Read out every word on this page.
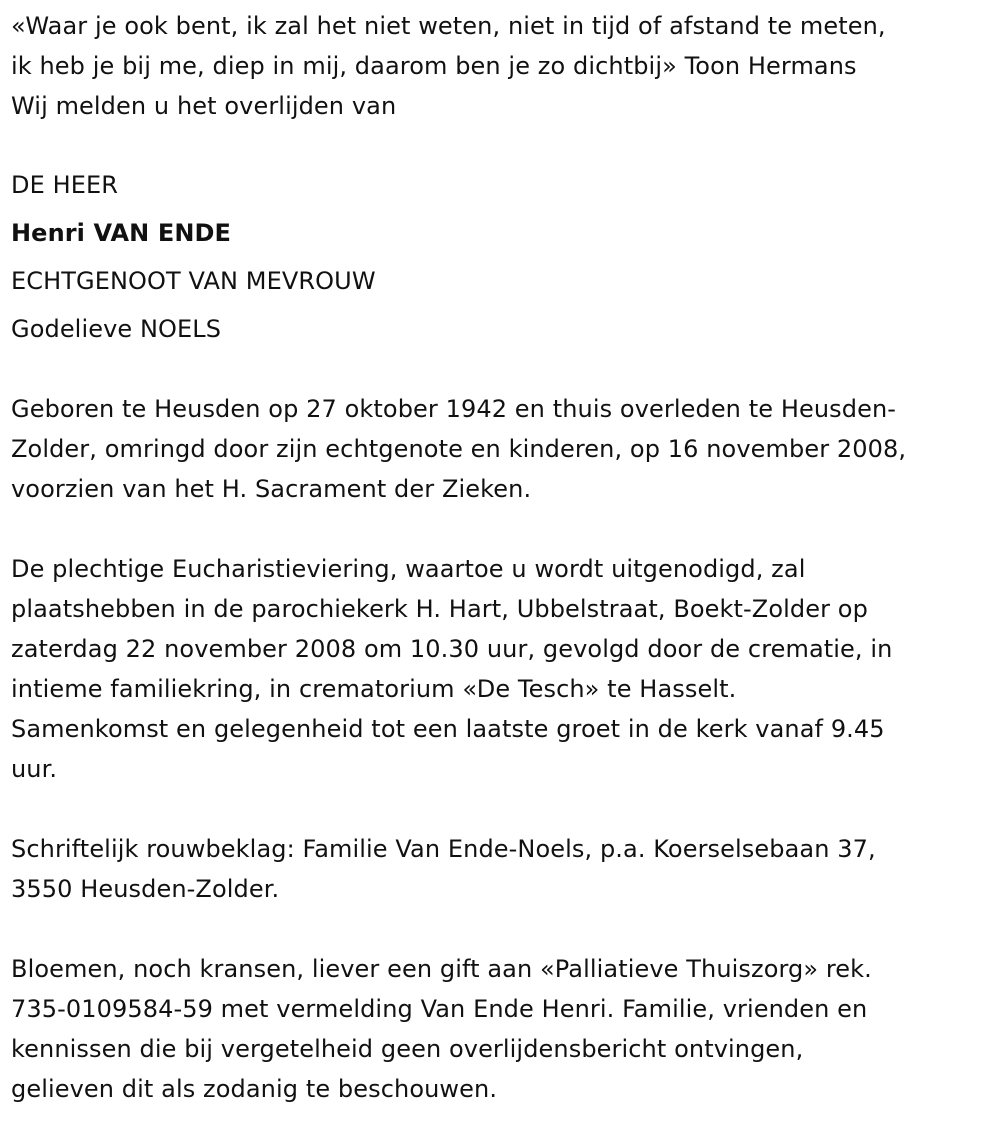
«Waar je ook bent, ik zal het niet weten, niet in tijd of afstand te meten,
ik heb je bij me, diep in mij, daarom ben je zo dichtbij» Toon Hermans
Wij melden u het overlijden van
DE HEER
Henri VAN ENDE
ECHTGENOOT VAN MEVROUW
Godelieve NOELS
Geboren te Heusden op 27 oktober 1942 en thuis overleden te Heusden-
Zolder, omringd door zijn echtgenote en kinderen, op 16 november 2008,
voorzien van het H. Sacrament der Zieken.
De plechtige Eucharistieviering, waartoe u wordt uitgenodigd, zal
plaatshebben in de parochiekerk H. Hart, Ubbelstraat, Boekt-Zolder op
zaterdag 22 november 2008 om 10.30 uur, gevolgd door de crematie, in
intieme familiekring, in crematorium «De Tesch» te Hasselt.
Samenkomst en gelegenheid tot een laatste groet in de kerk vanaf 9.45
uur.
Schriftelijk rouwbeklag: Familie Van Ende-Noels, p.a. Koerselsebaan 37,
3550 Heusden-Zolder.
Bloemen, noch kransen, liever een gift aan «Palliatieve Thuiszorg» rek.
735-0109584-59 met vermelding Van Ende Henri. Familie, vrienden en
kennissen die bij vergetelheid geen overlijdensbericht ontvingen,
gelieven dit als zodanig te beschouwen.
